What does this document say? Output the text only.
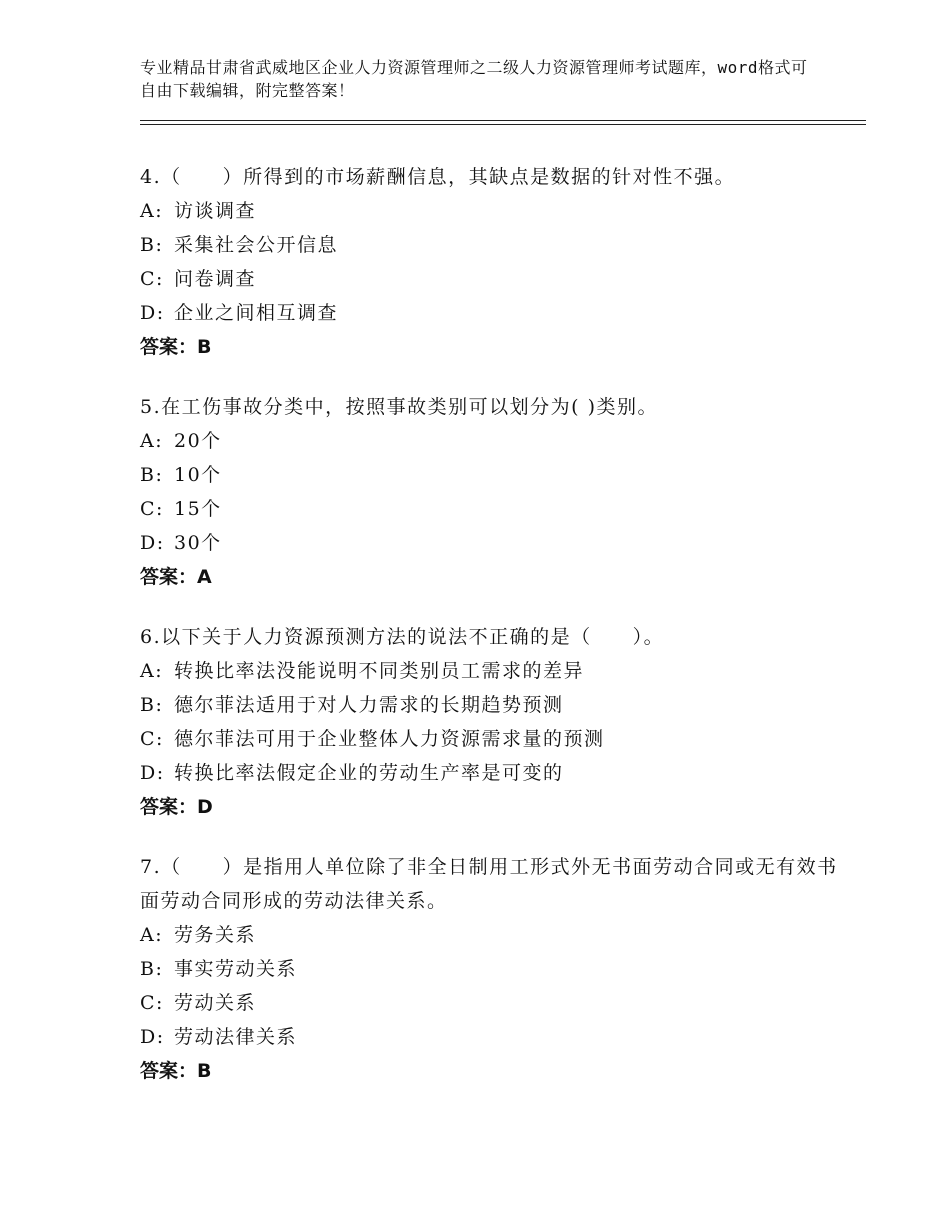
专业精品甘肃省武威地区企业人力资源管理师之二级人力资源管理师考试题库，word格式可自由下载编辑，附完整答案！
4.（　　）所得到的市场薪酬信息，其缺点是数据的针对性不强。
A: 访谈调查
B: 采集社会公开信息
C: 问卷调查
D: 企业之间相互调查
答案：B
5.在工伤事故分类中，按照事故类别可以划分为( )类别。
A: 20个
B: 10个
C: 15个
D: 30个
答案：A
6.以下关于人力资源预测方法的说法不正确的是（　　）。
A: 转换比率法没能说明不同类别员工需求的差异
B: 德尔菲法适用于对人力需求的长期趋势预测
C: 德尔菲法可用于企业整体人力资源需求量的预测
D: 转换比率法假定企业的劳动生产率是可变的
答案：D
7.（　　）是指用人单位除了非全日制用工形式外无书面劳动合同或无有效书面劳动合同形成的劳动法律关系。
A: 劳务关系
B: 事实劳动关系
C: 劳动关系
D: 劳动法律关系
答案：B
